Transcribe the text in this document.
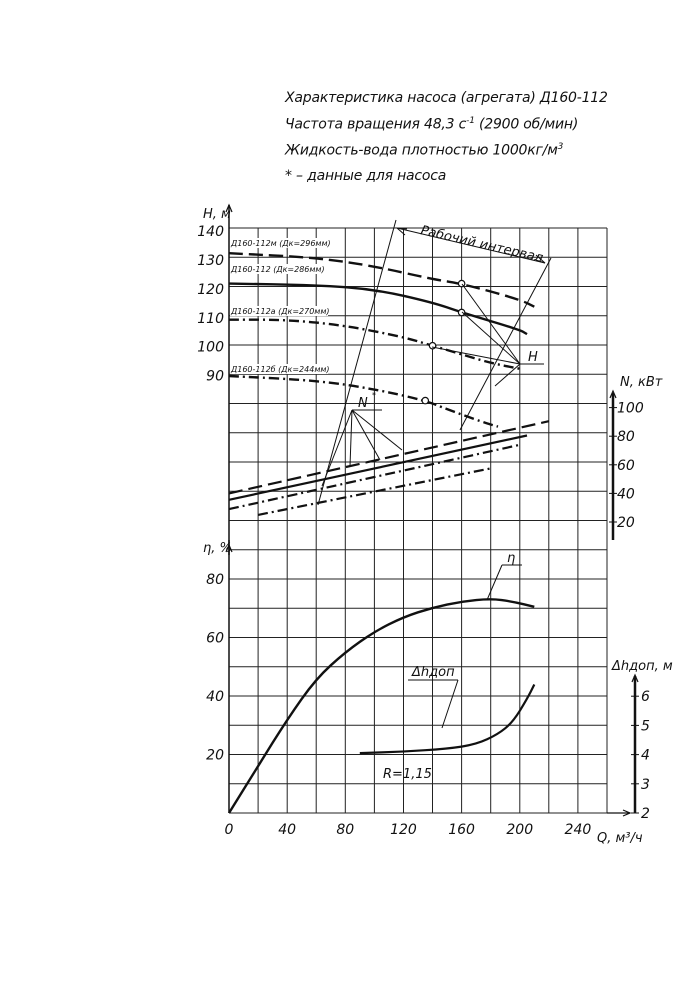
Характеристика насоса (агрегата) Д160-112
Частота вращения 48,3 $с^{-1}$ (2900 об/мин)
Жидкость-вода плотностью $1000кг/м^3$
* – данные для насоса
Н, м
140
130
120
110
100
90
η, %
80
60
40
20
0	40	80	120 160 200 240
Q, м³/ч
N, кВт
100
80
60
40
20
Δhдоп, м
6
5
4
3
2
Д160-112м (Дк=296мм)
Д160-112 (Дк=286мм)
Д160-112а (Дк=270мм)
Д160-112б (Дк=244мм)
Рабочий интервал
Н
N
*
η
Δhдоп
R=1,15
